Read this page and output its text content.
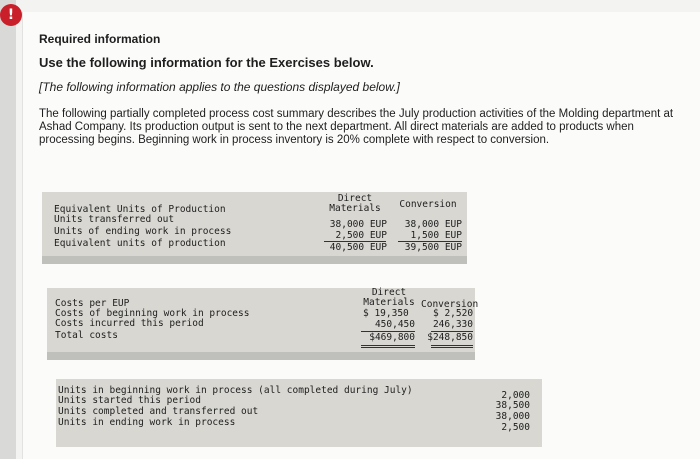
!
Required information
Use the following information for the Exercises below.
[The following information applies to the questions displayed below.]
The following partially completed process cost summary describes the July production activities of the Molding department at Ashad Company. Its production output is sent to the next department. All direct materials are added to products when processing begins. Beginning work in process inventory is 20% complete with respect to conversion.
Direct
Materials	Conversion
Equivalent Units of Production
Units transferred out	38,000 EUP	38,000 EUP
Units of ending work in process	2,500 EUP	1,500 EUP
Equivalent units of production	40,500 EUP	39,500 EUP
Direct
Materials Conversion
Costs per EUP
Costs of beginning work in process	$ 19,350	$ 2,520
Costs incurred this period	450,450	246,330
Total costs	$469,800	$248,850
Units in beginning work in process (all completed during July)	2,000
Units started this period	38,500
Units completed and transferred out	38,000
Units in ending work in process	2,500
